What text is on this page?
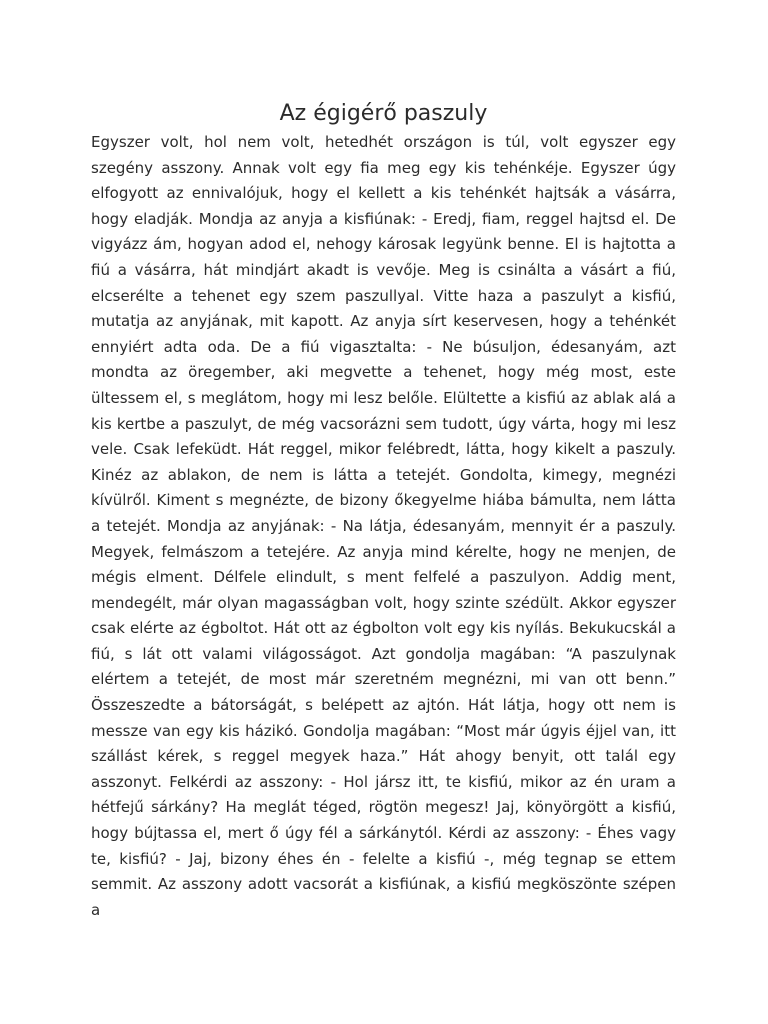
Az égigérő paszuly

Egyszer volt, hol nem volt, hetedhét országon is túl, volt egyszer egy szegény asszony. Annak volt egy fia meg egy kis tehénkéje. Egyszer úgy elfogyott az ennivalójuk, hogy el kellett a kis tehénkét hajtsák a vásárra, hogy eladják. Mondja az anyja a kisfiúnak: - Eredj, fiam, reggel hajtsd el. De vigyázz ám, hogyan adod el, nehogy károsak legyünk benne. El is hajtotta a fiú a vásárra, hát mindjárt akadt is vevője. Meg is csinálta a vásárt a fiú, elcserélte a tehenet egy szem paszullyal. Vitte haza a paszulyt a kisfiú, mutatja az anyjának, mit kapott. Az anyja sírt keservesen, hogy a tehénkét ennyiért adta oda. De a fiú vigasztalta: - Ne búsuljon, édesanyám, azt mondta az öregember, aki megvette a tehenet, hogy még most, este ültessem el, s meglátom, hogy mi lesz belőle. Elültette a kisfiú az ablak alá a kis kertbe a paszulyt, de még vacsorázni sem tudott, úgy várta, hogy mi lesz vele. Csak lefeküdt. Hát reggel, mikor felébredt, látta, hogy kikelt a paszuly. Kinéz az ablakon, de nem is látta a tetejét. Gondolta, kimegy, megnézi kívülről. Kiment s megnézte, de bizony őkegyelme hiába bámulta, nem látta a tetejét. Mondja az anyjának: - Na látja, édesanyám, mennyit ér a paszuly. Megyek, felmászom a tetejére. Az anyja mind kérelte, hogy ne menjen, de mégis elment. Délfele elindult, s ment felfelé a paszulyon. Addig ment, mendegélt, már olyan magasságban volt, hogy szinte szédült. Akkor egyszer csak elérte az égboltot. Hát ott az égbolton volt egy kis nyílás. Bekukucskál a fiú, s lát ott valami világosságot. Azt gondolja magában: “A paszulynak elértem a tetejét, de most már szeretném megnézni, mi van ott benn.” Összeszedte a bátorságát, s belépett az ajtón. Hát látja, hogy ott nem is messze van egy kis házikó. Gondolja magában: “Most már úgyis éjjel van, itt szállást kérek, s reggel megyek haza.” Hát ahogy benyit, ott talál egy asszonyt. Felkérdi az asszony: - Hol jársz itt, te kisfiú, mikor az én uram a hétfejű sárkány? Ha meglát téged, rögtön megesz! Jaj, könyörgött a kisfiú, hogy bújtassa el, mert ő úgy fél a sárkánytól. Kérdi az asszony: - Éhes vagy te, kisfiú? - Jaj, bizony éhes én - felelte a kisfiú -, még tegnap se ettem semmit. Az asszony adott vacsorát a kisfiúnak, a kisfiú megköszönte szépen a
